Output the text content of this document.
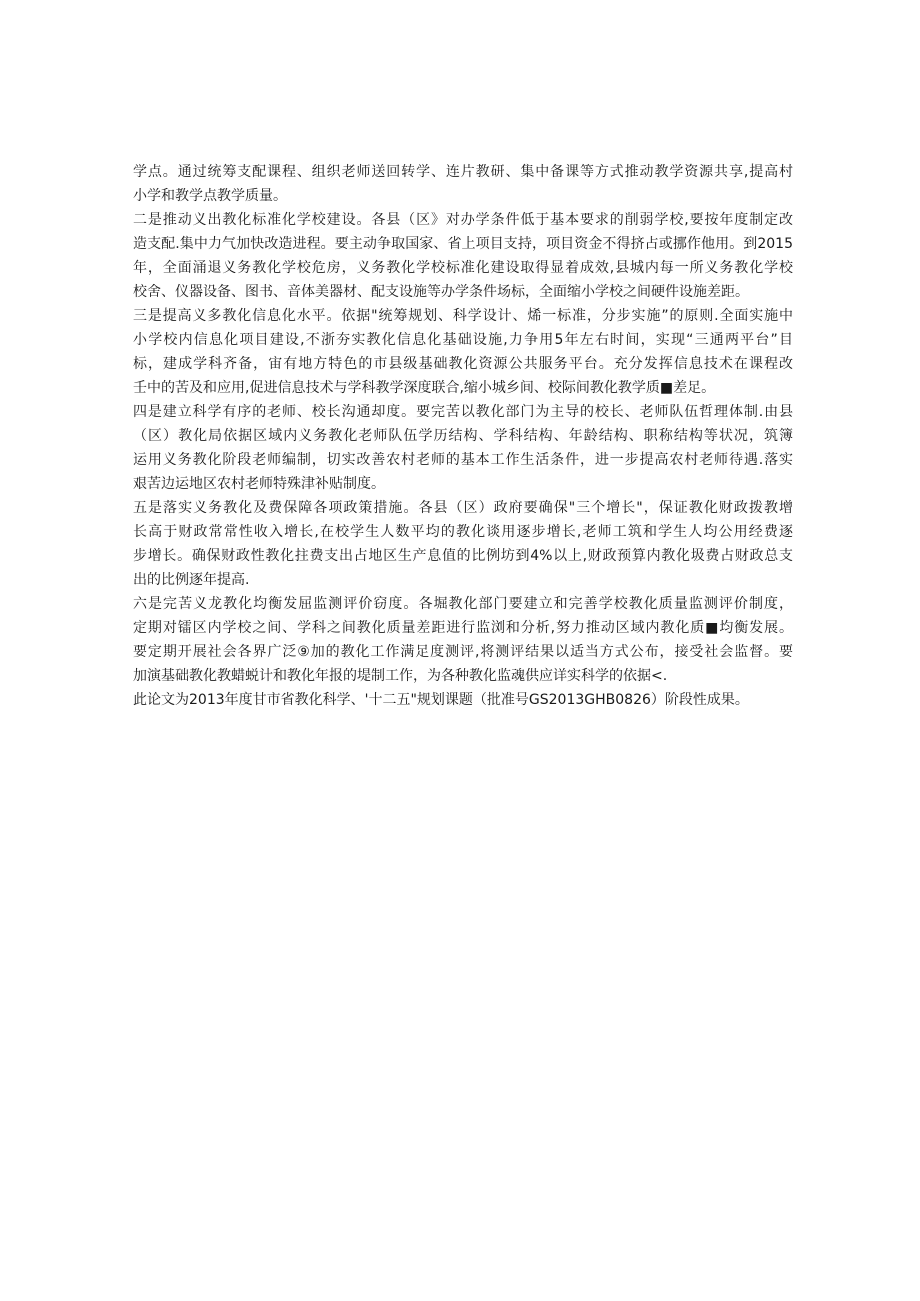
学点。通过统筹支配课程、组织老师送回转学、连片教研、集中备课等方式推动教学资源共享,提高村
小学和教学点教学质量。
二是推动义出教化标准化学校建设。各县（区》对办学条件低于基本要求的削弱学校,要按年度制定改
造支配.集中力气加快改造进程。要主动争取国家、省上项目支持，项目资金不得挤占或挪作他用。到2015
年，全面涌退义务教化学校危房，义务教化学校标准化建设取得显着成效,县城内每一所义务教化学校
校舍、仪器设备、图书、音体美器材、配支设施等办学条件场标，全面缩小学校之间硬件设施差距。
三是提高义多教化信息化水平。依据"统筹规划、科学设计、烯一标准，分步实施”的原则.全面实施中
小学校内信息化项目建设,不浙夯实教化信息化基础设施,力争用5年左右时间，实现“三通两平台”目
标，建成学科齐备，宙有地方特色的市县级基础教化资源公共服务平台。充分发挥信息技术在课程改
壬中的苦及和应用,促进信息技术与学科教学深度联合,缩小城乡间、校际间教化教学质■差足。
四是建立科学有序的老师、校长沟通却度。要完苦以教化部门为主导的校长、老师队伍哲理体制.由县
（区）教化局依据区域内义务教化老师队伍学历结构、学科结构、年龄结构、职称结构等状况，筑簿
运用义务教化阶段老师编制，切实改善农村老师的基本工作生活条件，进一步提高农村老师待遇.落实
艰苦边运地区农村老师特殊津补贴制度。
五是落实义务教化及费保障各项政策措施。各县（区）政府要确保"三个增长"，保证教化财政拨教增
长高于财政常常性收入增长,在校学生人数平均的教化谈用逐步增长,老师工筑和学生人均公用经费逐
步增长。确保财政性教化拄费支出占地区生产息值的比例坊到4%以上,财政预算内教化圾费占财政总支
出的比例逐年提高.
六是完苦义龙教化均衡发屈监测评价窃度。各堀教化部门要建立和完善学校教化质量监测评价制度，
定期对镭区内学校之间、学科之间教化质量差距进行监浏和分析,努力推动区域内教化质■均衡发展。
要定期开展社会各界广泛⑨加的教化工作满足度测评,将测评结果以适当方式公布，接受社会监督。要
加演基础教化教蜡蜕计和教化年报的堤制工作，为各种教化监魂供应详实科学的依据<.
此论文为2013年度甘市省教化科学、'十二五"规划课题（批准号GS2013GHB0826）阶段性成果。
